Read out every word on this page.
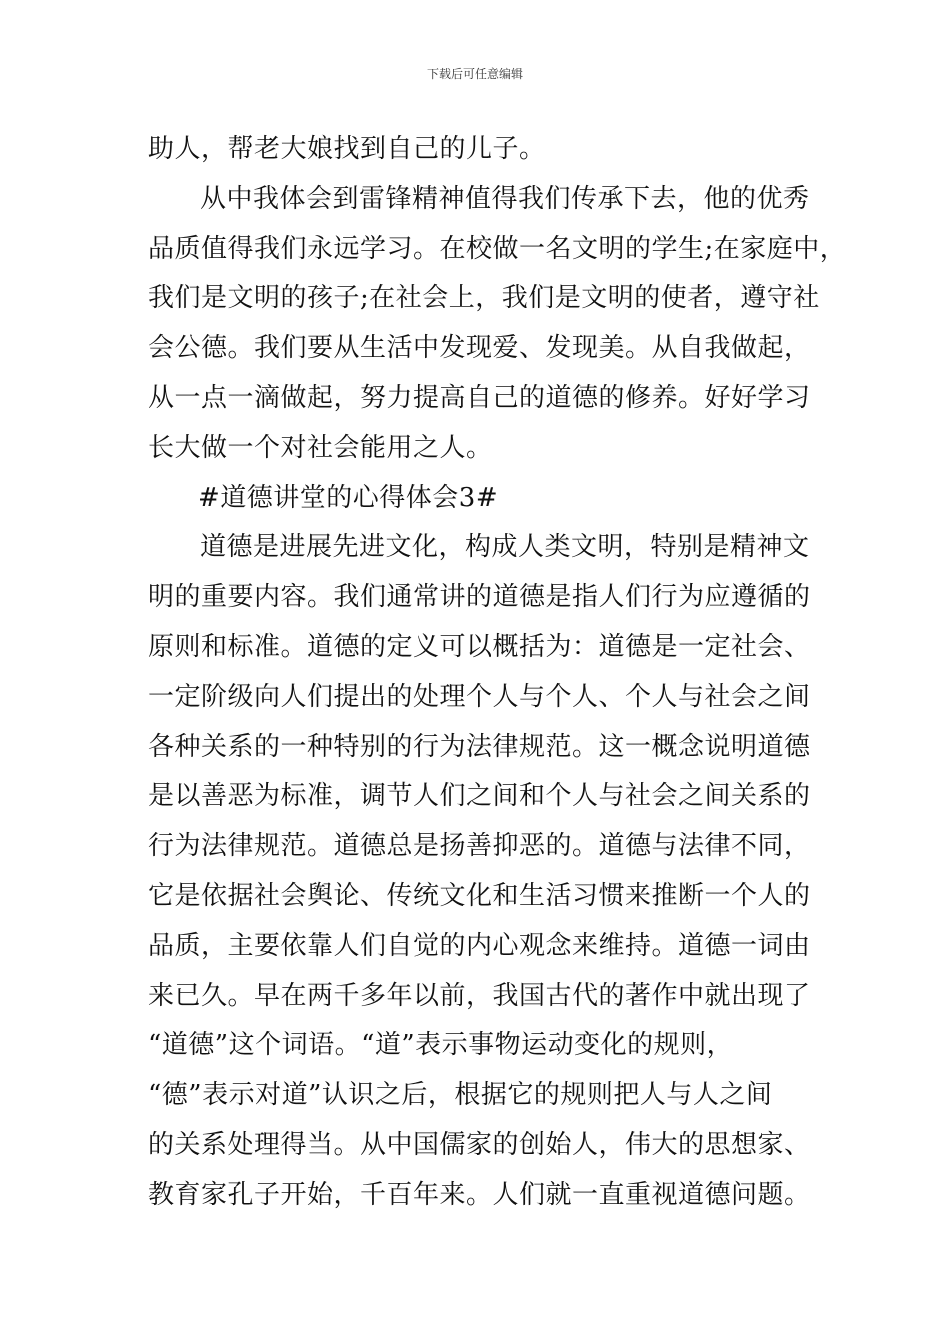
下载后可任意编辑
助人，帮老大娘找到自己的儿子。
从中我体会到雷锋精神值得我们传承下去，他的优秀
品质值得我们永远学习。在校做一名文明的学生;在家庭中，
我们是文明的孩子;在社会上，我们是文明的使者，遵守社
会公德。我们要从生活中发现爱、发现美。从自我做起，
从一点一滴做起，努力提高自己的道德的修养。好好学习
长大做一个对社会能用之人。
#道德讲堂的心得体会3#
道德是进展先进文化，构成人类文明，特别是精神文
明的重要内容。我们通常讲的道德是指人们行为应遵循的
原则和标准。道德的定义可以概括为：道德是一定社会、
一定阶级向人们提出的处理个人与个人、个人与社会之间
各种关系的一种特别的行为法律规范。这一概念说明道德
是以善恶为标准，调节人们之间和个人与社会之间关系的
行为法律规范。道德总是扬善抑恶的。道德与法律不同，
它是依据社会舆论、传统文化和生活习惯来推断一个人的
品质，主要依靠人们自觉的内心观念来维持。道德一词由
来已久。早在两千多年以前，我国古代的著作中就出现了
“道德”这个词语。“道”表示事物运动变化的规则，
“德”表示对道”认识之后，根据它的规则把人与人之间
的关系处理得当。从中国儒家的创始人，伟大的思想家、
教育家孔子开始，千百年来。人们就一直重视道德问题。
